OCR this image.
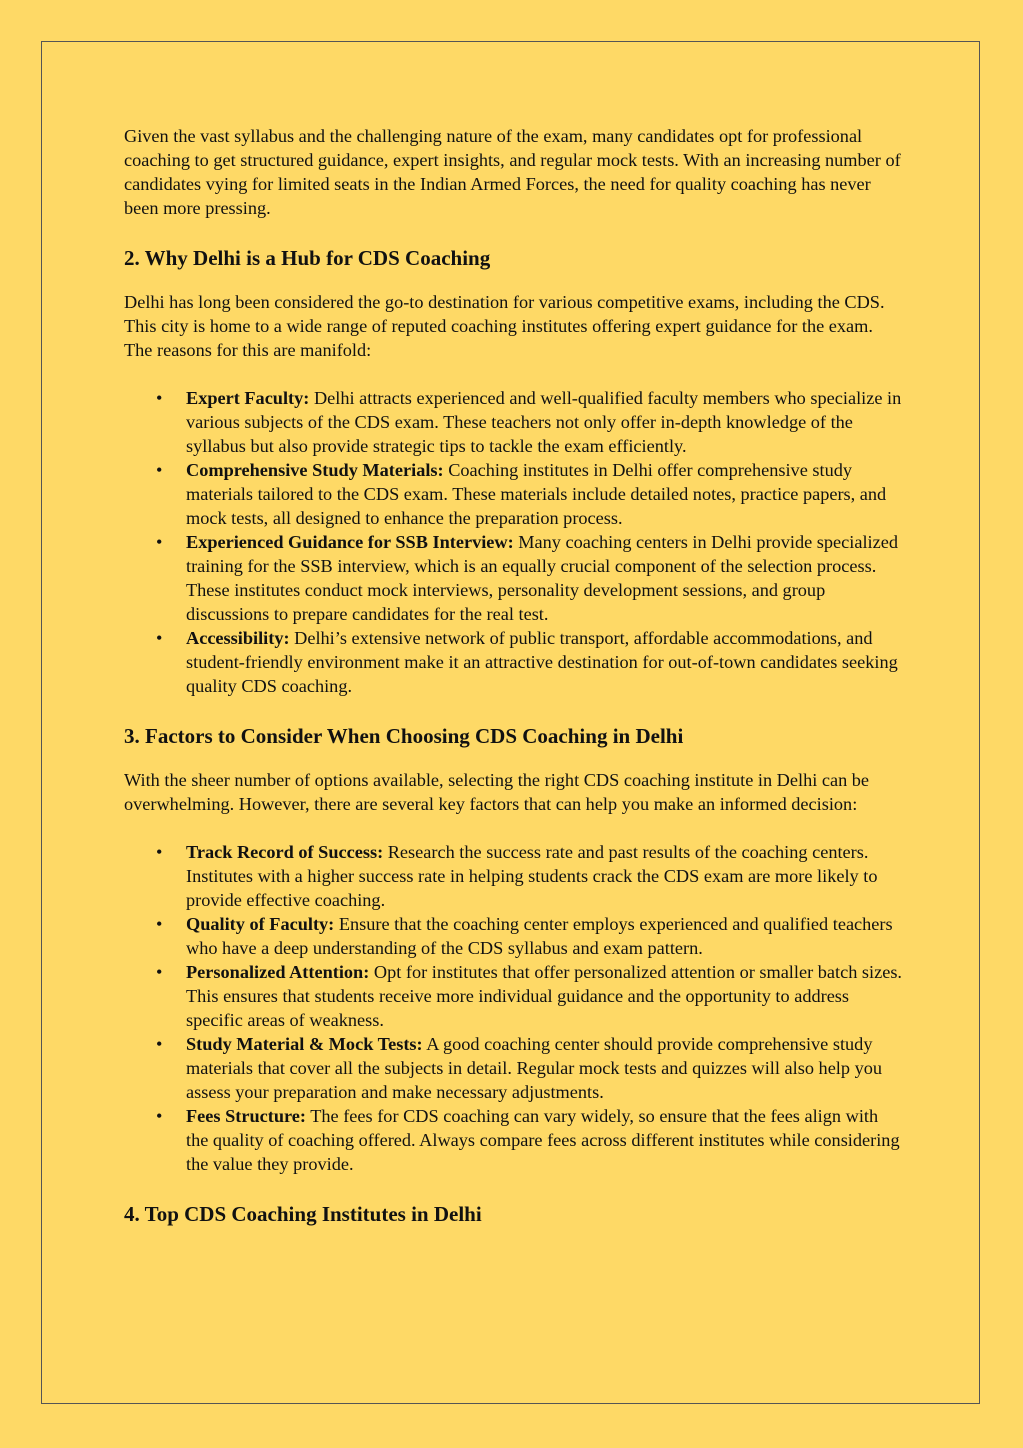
Given the vast syllabus and the challenging nature of the exam, many candidates opt for professional coaching to get structured guidance, expert insights, and regular mock tests. With an increasing number of candidates vying for limited seats in the Indian Armed Forces, the need for quality coaching has never been more pressing.

2. Why Delhi is a Hub for CDS Coaching

Delhi has long been considered the go-to destination for various competitive exams, including the CDS. This city is home to a wide range of reputed coaching institutes offering expert guidance for the exam. The reasons for this are manifold:

• Expert Faculty: Delhi attracts experienced and well-qualified faculty members who specialize in various subjects of the CDS exam. These teachers not only offer in-depth knowledge of the syllabus but also provide strategic tips to tackle the exam efficiently.
• Comprehensive Study Materials: Coaching institutes in Delhi offer comprehensive study materials tailored to the CDS exam. These materials include detailed notes, practice papers, and mock tests, all designed to enhance the preparation process.
• Experienced Guidance for SSB Interview: Many coaching centers in Delhi provide specialized training for the SSB interview, which is an equally crucial component of the selection process. These institutes conduct mock interviews, personality development sessions, and group discussions to prepare candidates for the real test.
• Accessibility: Delhi’s extensive network of public transport, affordable accommodations, and student-friendly environment make it an attractive destination for out-of-town candidates seeking quality CDS coaching.
3. Factors to Consider When Choosing CDS Coaching in Delhi

With the sheer number of options available, selecting the right CDS coaching institute in Delhi can be overwhelming. However, there are several key factors that can help you make an informed decision:

• Track Record of Success: Research the success rate and past results of the coaching centers. Institutes with a higher success rate in helping students crack the CDS exam are more likely to provide effective coaching.
• Quality of Faculty: Ensure that the coaching center employs experienced and qualified teachers who have a deep understanding of the CDS syllabus and exam pattern.
• Personalized Attention: Opt for institutes that offer personalized attention or smaller batch sizes. This ensures that students receive more individual guidance and the opportunity to address specific areas of weakness.
• Study Material & Mock Tests: A good coaching center should provide comprehensive study materials that cover all the subjects in detail. Regular mock tests and quizzes will also help you assess your preparation and make necessary adjustments.
• Fees Structure: The fees for CDS coaching can vary widely, so ensure that the fees align with the quality of coaching offered. Always compare fees across different institutes while considering the value they provide.
4. Top CDS Coaching Institutes in Delhi
